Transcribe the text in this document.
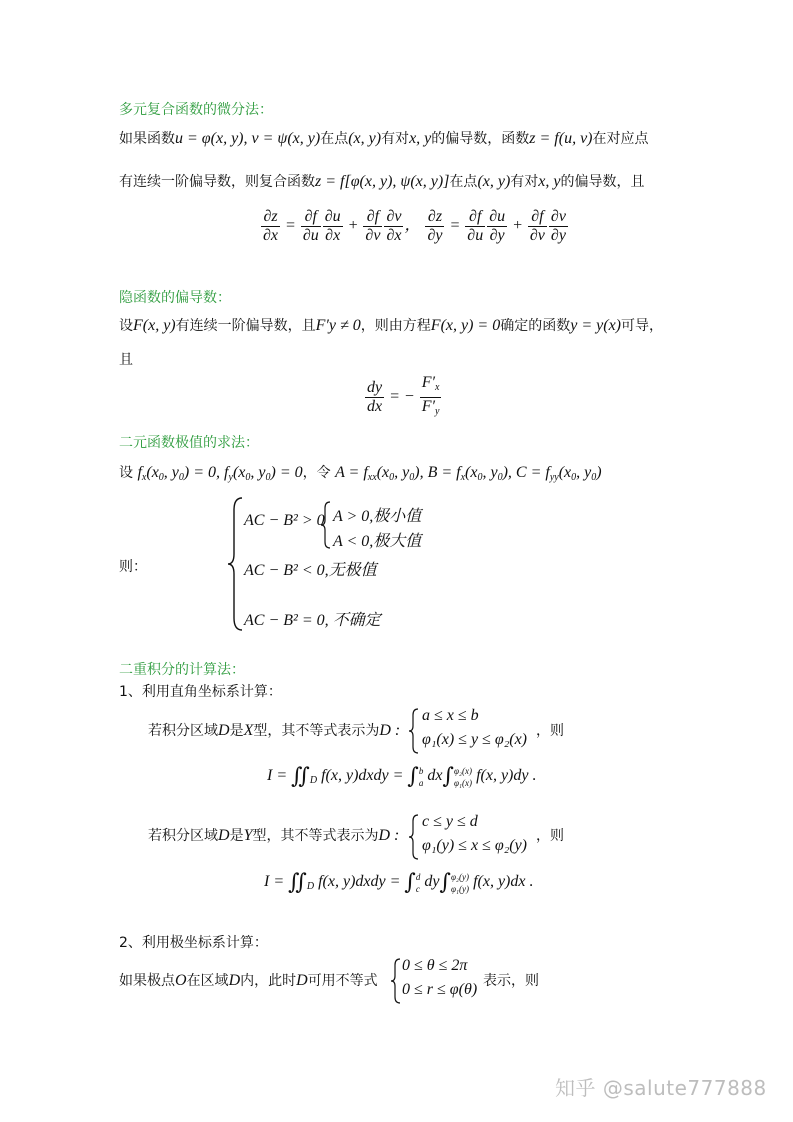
多元复合函数的微分法：
如果函数u = φ(x, y), v = ψ(x, y)在点(x, y)有对x, y的偏导数，函数z = f(u, v)在对应点
有连续一阶偏导数，则复合函数z = f[φ(x, y), ψ(x, y)]在点(x, y)有对x, y的偏导数，且
$\frac{\partial z}{\partial x} = \frac{\partial f}{\partial u} \frac{\partial u}{\partial x} + \frac{\partial f}{\partial v} \frac{\partial v}{\partial x}$ ， $\frac{\partial z}{\partial y} = \frac{\partial f}{\partial u} \frac{\partial u}{\partial y} + \frac{\partial f}{\partial v} \frac{\partial v}{\partial y}$
隐函数的偏导数：
设F(x, y)有连续一阶偏导数，且F′y ≠ 0，则由方程F(x, y) = 0确定的函数y = y(x)可导，
且
$\frac{dy}{dx}$ = − $\frac{F'_x}{F'_y}$
二元函数极值的求法：
设 $f_x(x_0$, $y_0) = 0$, $f_y(x_0$, $y_0) = 0$，令 $A = f_{xx}(x_0$, $y_0$), $B = f_x(x_0$, $y_0$), $C = f_{yy}(x_0$, $y_0$)
则：
AC − B² > 0 A > 0,极小值
A < 0,极大值
AC − B² < 0,无极值
AC − B² = 0, 不确定
二重积分的计算法：
1、利用直角坐标系计算：
若积分区域D是X型，其不等式表示为D :
a ≤ x ≤ b
φ₁(x) ≤ y ≤ φ₂(x) ，则
$I = ∬_D$ f(x, y)dxdy = ∫ b
a dx∫ φ₂(x)
φ₁(x) f(x, y)dy .
若积分区域D是Y型，其不等式表示为D :
c ≤ y ≤ d
φ₁(y) ≤ x ≤ φ₂(y)
，则
$I = ∬_D$ f(x, y)dxdy = ∫ d
c dy∫ φ₂(y)
φ₁(y) f(x, y)dx .
2、利用极坐标系计算：
如果极点O在区域D内，此时D可用不等式
0 ≤ θ ≤ 2π
0 ≤ r ≤ φ(θ) 表示，则
知乎 @salute777888
